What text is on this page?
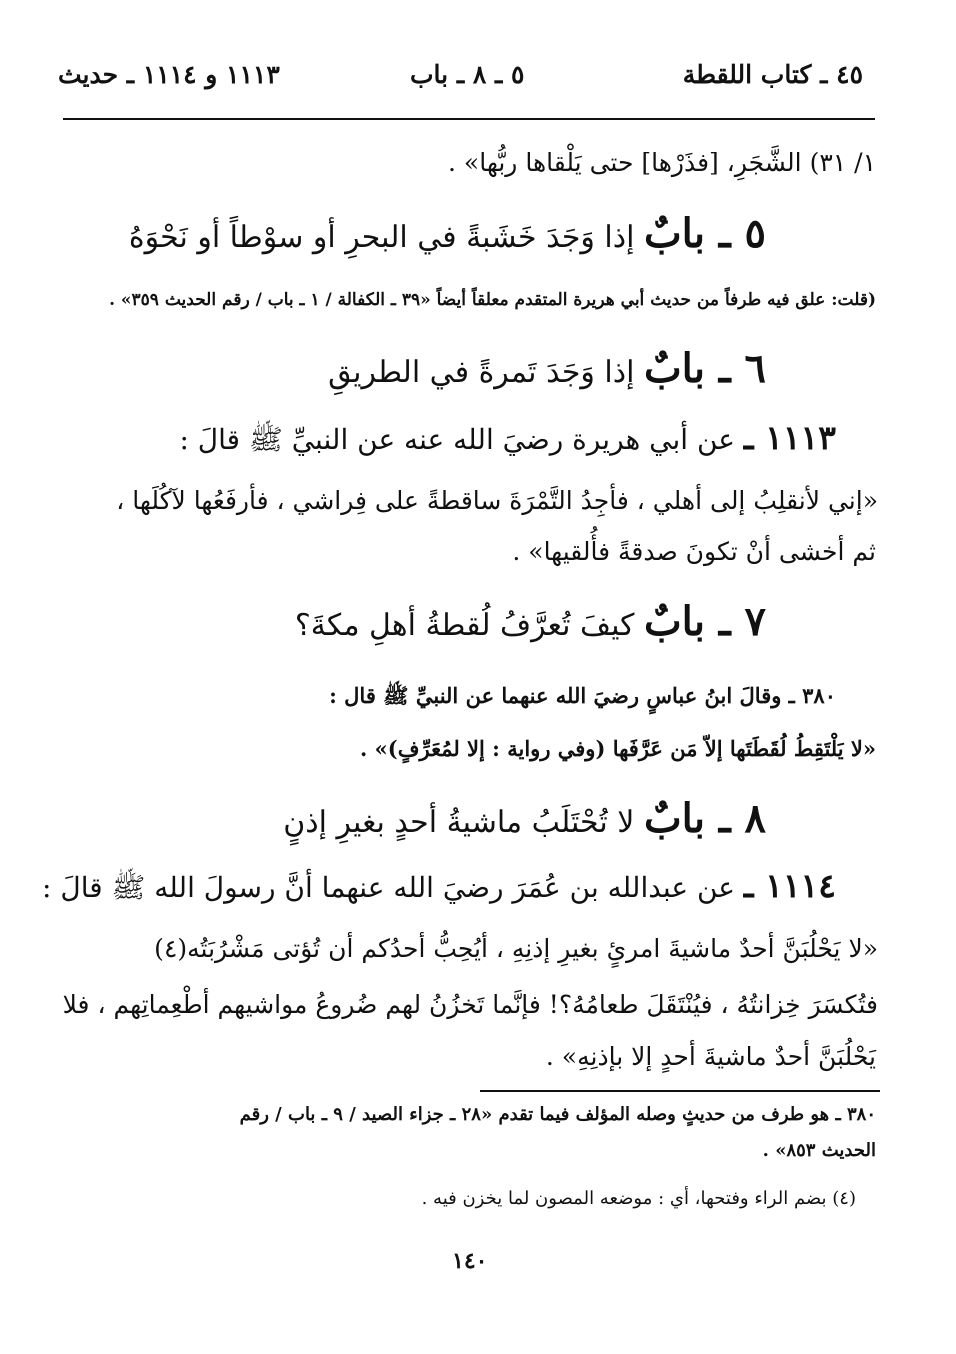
٤٥ ـ كتاب اللقطة
٥ ـ ٨ ـ باب
١١١٣ و ١١١٤ ـ حديث
١/ ٣١) الشَّجَرِ، [فذَرْها] حتى يَلْقاها ربُّها» .
٥ ـ بابٌ إذا وَجَدَ خَشَبةً في البحرِ أو سوْطاً أو نَحْوَهُ
(قلت: علق فيه طرفاً من حديث أبي هريرة المتقدم معلقاً أيضاً «٣٩ ـ الكفالة / ١ ـ باب / رقم الحديث ٣٥٩» .
٦ ـ بابٌ إذا وَجَدَ تَمرةً في الطريقِ
١١١٣ ـ عن أبي هريرة رضيَ الله عنه عن النبيِّ ﷺ قالَ :
«إني لأنقلِبُ إلى أهلي ، فأجِدُ التَّمْرَةَ ساقطةً على فِراشي ، فأرفَعُها لآكُلَها ،
ثم أخشى أنْ تكونَ صدقةً فأُلقيها» .
٧ ـ بابٌ كيفَ تُعرَّفُ لُقطةُ أهلِ مكةَ؟
٣٨٠ ـ وقالَ ابنُ عباسٍ رضيَ الله عنهما عن النبيِّ ﷺ قال :
«لا يَلْتَقِطُ لُقَطَتَها إلاّ مَن عَرَّفَها (وفي رواية : إلا لمُعَرِّفٍ)» .
٨ ـ بابٌ لا تُحْتَلَبُ ماشيةُ أحدٍ بغيرِ إذنٍ
١١١٤ ـ عن عبدالله بن عُمَرَ رضيَ الله عنهما أنَّ رسولَ الله ﷺ قالَ :
«لا يَحْلُبَنَّ أحدٌ ماشيةَ امرئٍ بغيرِ إذنِهِ ، أيُحِبُّ أحدُكم أن تُؤتى مَشْرُبَتُه(٤)
فتُكسَرَ خِزانتُهُ ، فيُنْتَقَلَ طعامُهُ؟! فإنَّما تَخزُنُ لهم ضُروعُ مواشيهم أطْعِماتِهم ، فلا
يَحْلُبَنَّ أحدٌ ماشيةَ أحدٍ إلا بإذنِهِ» .
٣٨٠ ـ هو طرف من حديثٍ وصله المؤلف فيما تقدم «٢٨ ـ جزاء الصيد / ٩ ـ باب / رقم
الحديث ٨٥٣» .
(٤) بضم الراء وفتحها، أي : موضعه المصون لما يخزن فيه .
١٤٠
